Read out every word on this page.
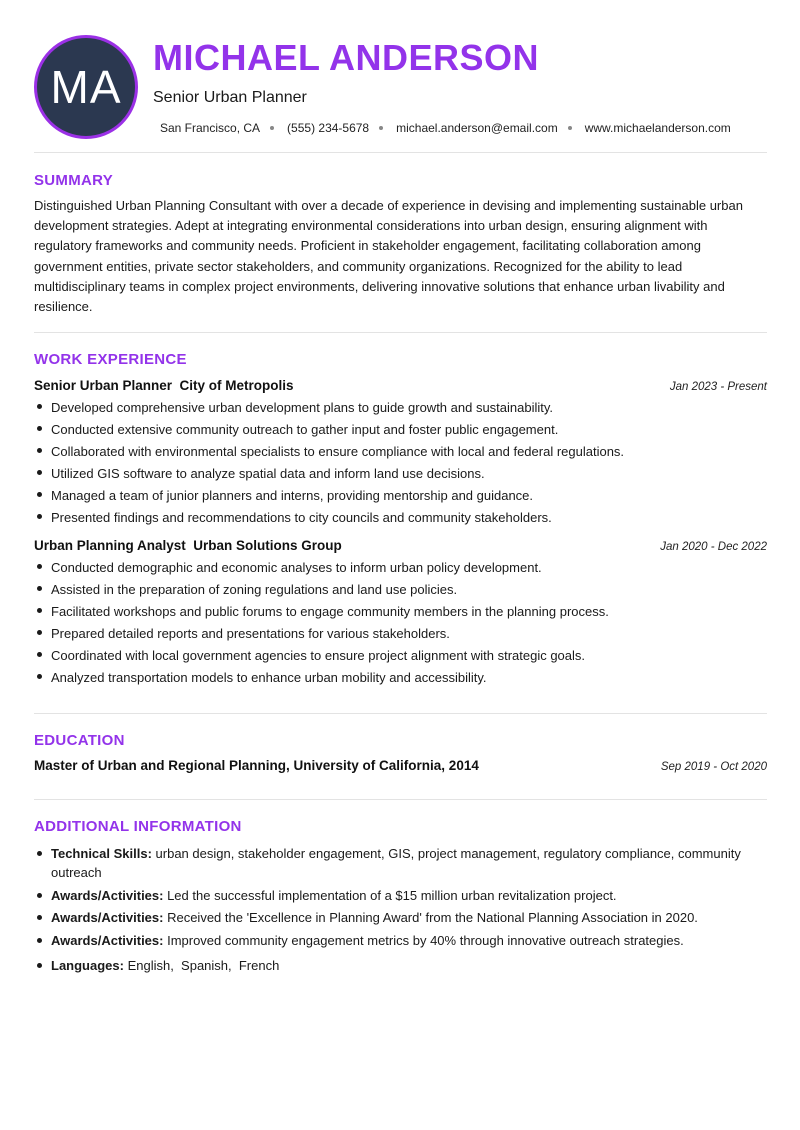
MA
MICHAEL ANDERSON
Senior Urban Planner
San Francisco, CA (555) 234-5678 michael.anderson@email.com www.michaelanderson.com
SUMMARY

Distinguished Urban Planning Consultant with over a decade of experience in devising and implementing sustainable urban development strategies. Adept at integrating environmental considerations into urban design, ensuring alignment with regulatory frameworks and community needs. Proficient in stakeholder engagement, facilitating collaboration among government entities, private sector stakeholders, and community organizations. Recognized for the ability to lead multidisciplinary teams in complex project environments, delivering innovative solutions that enhance urban livability and resilience.

WORK EXPERIENCE
Senior Urban Planner  City of Metropolis	Jan 2023 - Present
Developed comprehensive urban development plans to guide growth and sustainability.
Conducted extensive community outreach to gather input and foster public engagement.
Collaborated with environmental specialists to ensure compliance with local and federal regulations.
Utilized GIS software to analyze spatial data and inform land use decisions.
Managed a team of junior planners and interns, providing mentorship and guidance.
Presented findings and recommendations to city councils and community stakeholders.
Urban Planning Analyst  Urban Solutions Group	Jan 2020 - Dec 2022
Conducted demographic and economic analyses to inform urban policy development.
Assisted in the preparation of zoning regulations and land use policies.
Facilitated workshops and public forums to engage community members in the planning process.
Prepared detailed reports and presentations for various stakeholders.
Coordinated with local government agencies to ensure project alignment with strategic goals.
Analyzed transportation models to enhance urban mobility and accessibility.
EDUCATION
Master of Urban and Regional Planning, University of California, 2014	Sep 2019 - Oct 2020
ADDITIONAL INFORMATION
Technical Skills: urban design, stakeholder engagement, GIS, project management, regulatory compliance, community outreach
Awards/Activities: Led the successful implementation of a $15 million urban revitalization project.
Awards/Activities: Received the 'Excellence in Planning Award' from the National Planning Association in 2020.
Awards/Activities: Improved community engagement metrics by 40% through innovative outreach strategies.
Languages: English,  Spanish,  French
